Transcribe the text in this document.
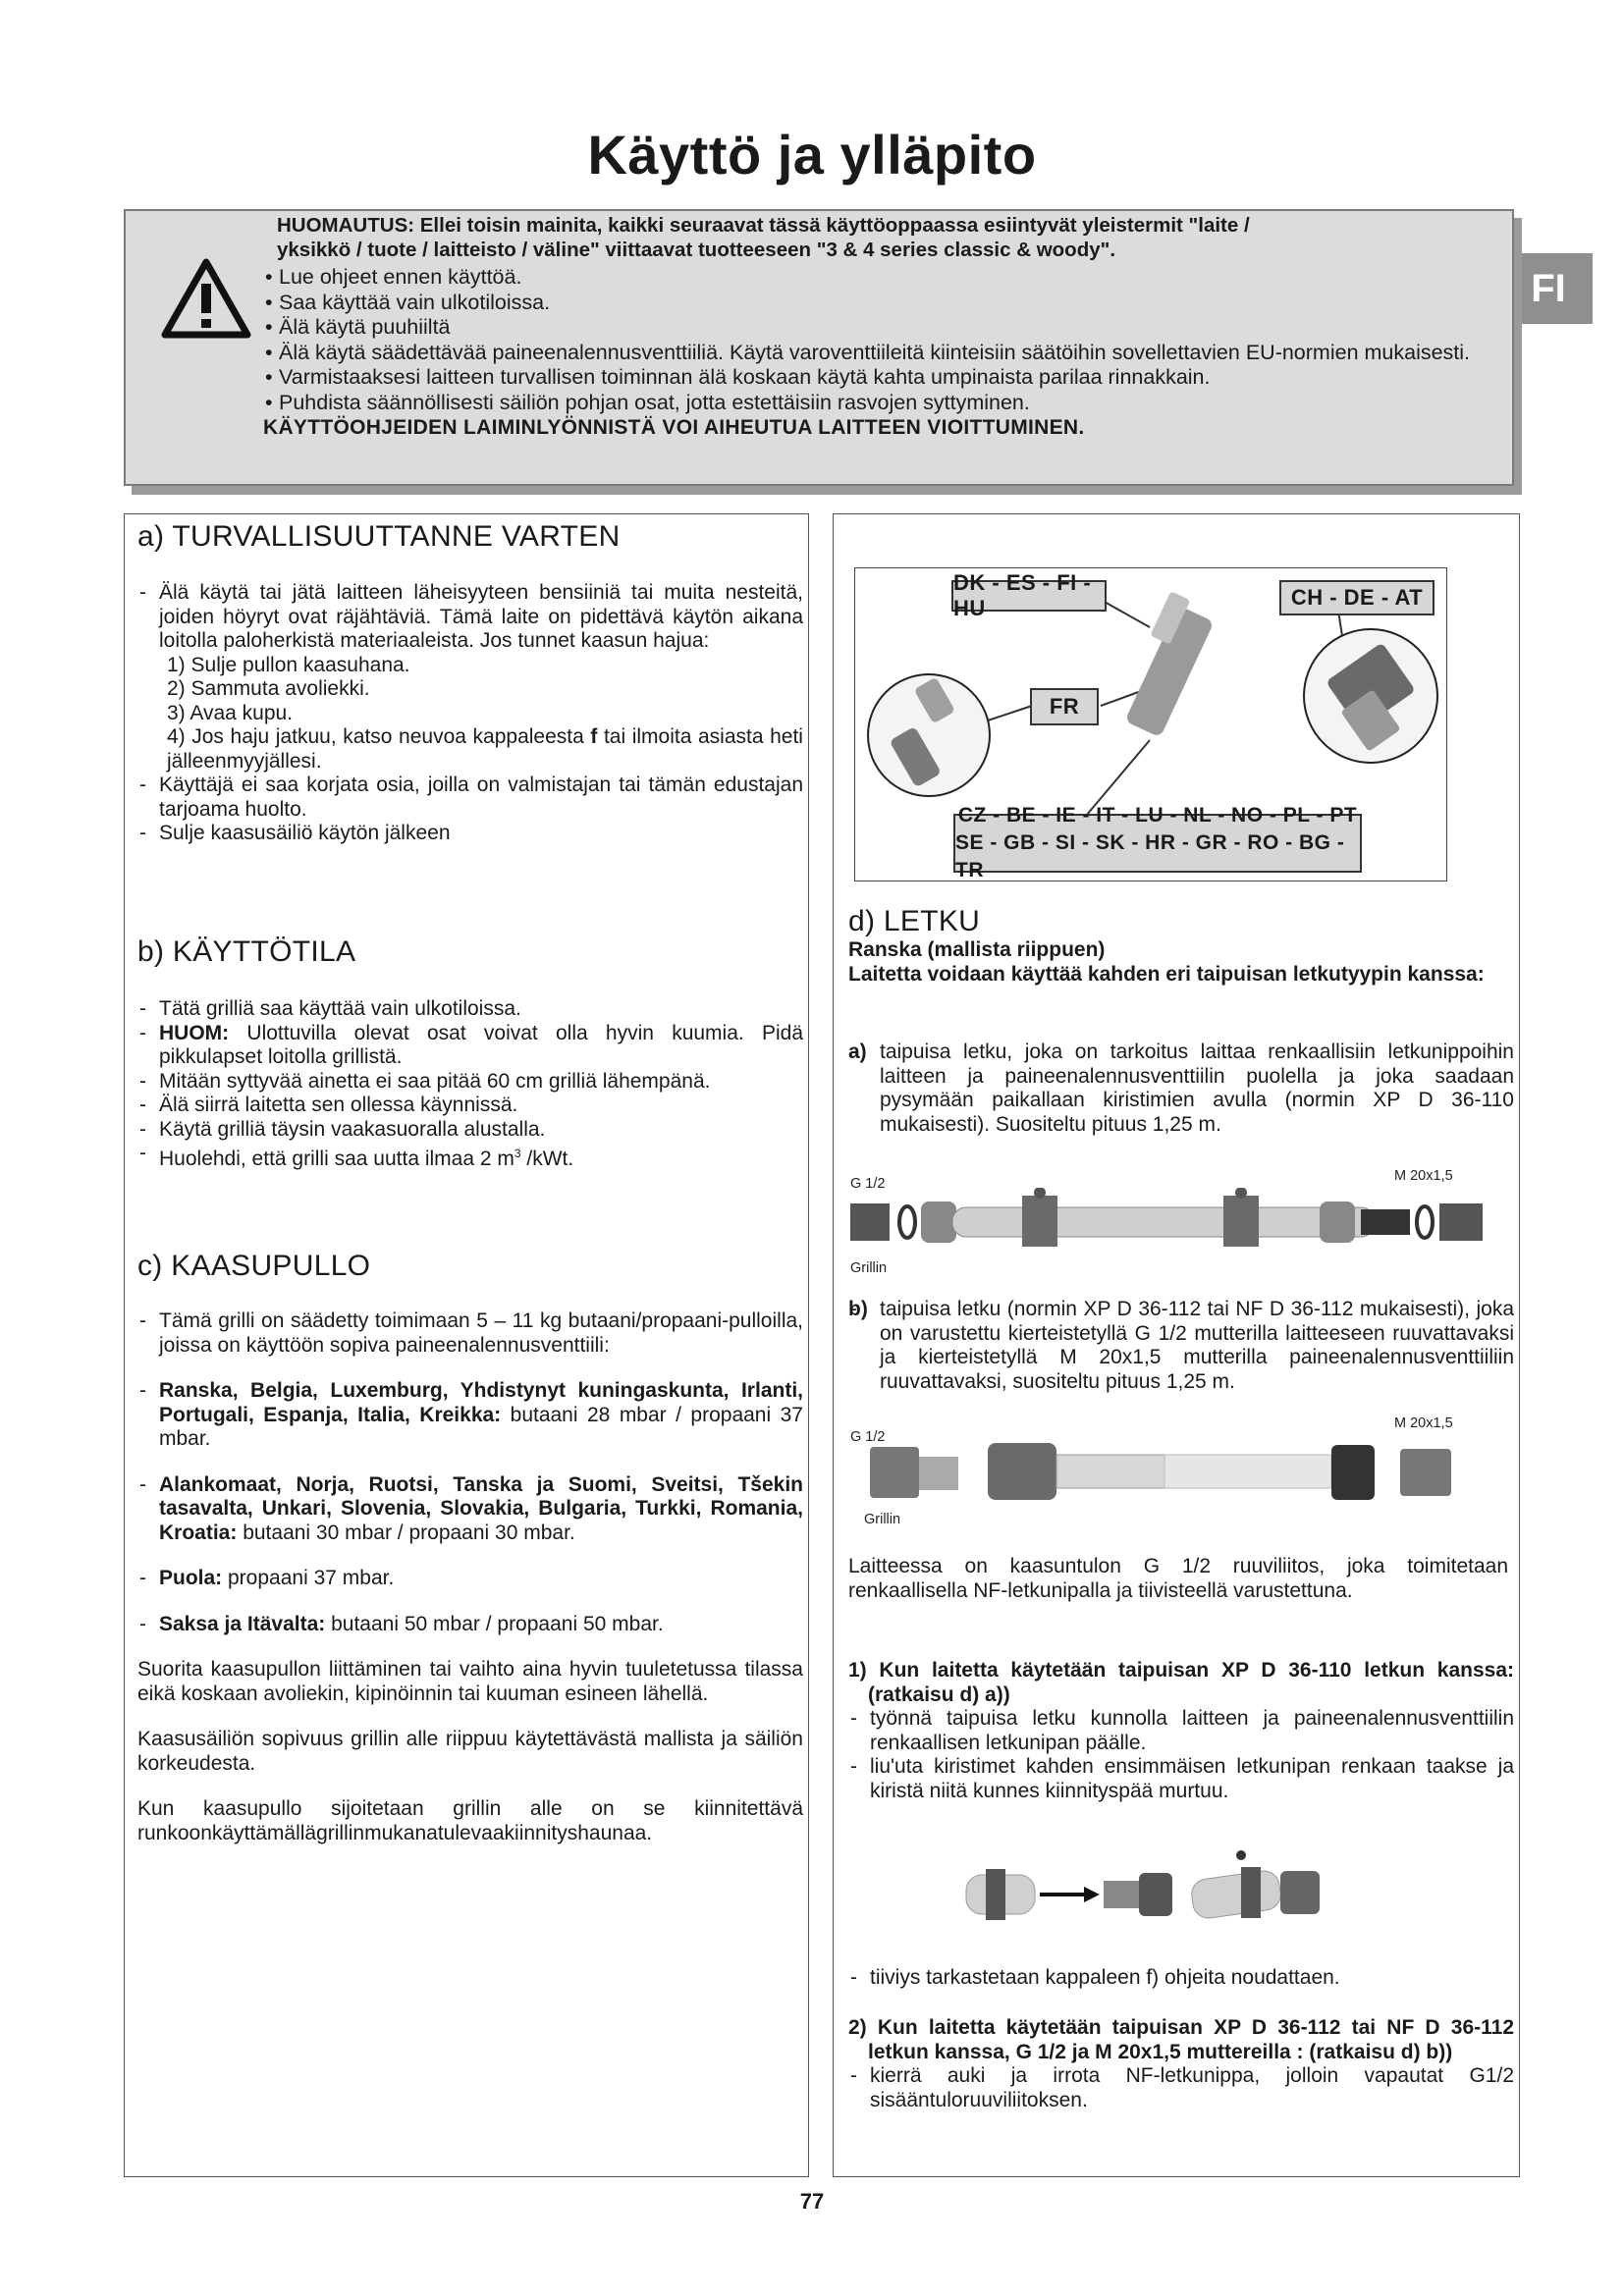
Käyttö ja ylläpito
FI
HUOMAUTUS: Ellei toisin mainita, kaikki seuraavat tässä käyttöoppaassa esiintyvät yleistermit "laite /
yksikkö / tuote / laitteisto / väline" viittaavat tuotteeseen "3 & 4 series classic & woody".
• Lue ohjeet ennen käyttöä.
• Saa käyttää vain ulkotiloissa.
• Älä käytä puuhiiltä
• Älä käytä säädettävää paineenalennusventtiiliä. Käytä varoventtiileitä kiinteisiin säätöihin sovellettavien EU-normien mukaisesti.
• Varmistaaksesi laitteen turvallisen toiminnan älä koskaan käytä kahta umpinaista parilaa rinnakkain.
• Puhdista säännöllisesti säiliön pohjan osat, jotta estettäisiin rasvojen syttyminen.
KÄYTTÖOHJEIDEN LAIMINLYÖNNISTÄ VOI AIHEUTUA LAITTEEN VIOITTUMINEN.
a) TURVALLISUUTTANNE VARTEN
- Älä käytä tai jätä laitteen läheisyyteen bensiiniä tai muita nesteitä, joiden höyryt ovat räjähtäviä. Tämä laite on pidettävä käytön aikana loitolla paloherkistä materiaaleista. Jos tunnet kaasun hajua:
1) Sulje pullon kaasuhana.
2) Sammuta avoliekki.
3) Avaa kupu.
4) Jos haju jatkuu, katso neuvoa kappaleesta f tai ilmoita asiasta heti jälleenmyyjällesi.
- Käyttäjä ei saa korjata osia, joilla on valmistajan tai tämän edustajan tarjoama huolto.
- Sulje kaasusäiliö käytön jälkeen
b) KÄYTTÖTILA
- Tätä grilliä saa käyttää vain ulkotiloissa.
- HUOM: Ulottuvilla olevat osat voivat olla hyvin kuumia. Pidä pikkulapset loitolla grillistä.
- Mitään syttyvää ainetta ei saa pitää 60 cm grilliä lähempänä.
- Älä siirrä laitetta sen ollessa käynnissä.
- Käytä grilliä täysin vaakasuoralla alustalla.
- Huolehdi, että grilli saa uutta ilmaa 2 $m^3$ /kWt.
c) KAASUPULLO
- Tämä grilli on säädetty toimimaan 5 – 11 kg butaani/propaani-pulloilla, joissa on käyttöön sopiva paineenalennusventtiili:
- Ranska, Belgia, Luxemburg, Yhdistynyt kuningaskunta, Irlanti, Portugali, Espanja, Italia, Kreikka: butaani 28 mbar / propaani 37 mbar.
- Alankomaat, Norja, Ruotsi, Tanska ja Suomi, Sveitsi, Tšekin tasavalta, Unkari, Slovenia, Slovakia, Bulgaria, Turkki, Romania, Kroatia: butaani 30 mbar / propaani 30 mbar.
- Puola: propaani 37 mbar.
- Saksa ja Itävalta: butaani 50 mbar / propaani 50 mbar.
Suorita kaasupullon liittäminen tai vaihto aina hyvin tuuletetussa tilassa eikä koskaan avoliekin, kipinöinnin tai kuuman esineen lähellä.
Kaasusäiliön sopivuus grillin alle riippuu käytettävästä mallista ja säiliön korkeudesta.
Kun kaasupullo sijoitetaan grillin alle on se kiinnitettävä runkoonkäyttämällägrillinmukanatulevaakiinnityshaunaa.
DK - ES - FI - HU	CH - DE - AT
FR
CZ - BE - IE - IT - LU - NL - NO - PL - PT
SE - GB - SI - SK - HR - GR - RO - BG -TR
d) LETKU
Ranska (mallista riippuen)
Laitetta voidaan käyttää kahden eri taipuisan letkutyypin kanssa:
- a) taipuisa letku, joka on tarkoitus laittaa renkaallisiin letkunippoihin laitteen ja paineenalennusventtiilin puolella ja joka saadaan pysymään paikallaan kiristimien avulla (normin XP D 36-110 mukaisesti). Suositeltu pituus 1,25 m.
G 1/2	M 20x1,5
Grillin
- b) taipuisa letku (normin XP D 36-112 tai NF D 36-112 mukaisesti), joka on varustettu kierteistetyllä G 1/2 mutterilla laitteeseen ruuvattavaksi ja kierteistetyllä M 20x1,5 mutterilla paineenalennusventtiiliin ruuvattavaksi, suositeltu pituus 1,25 m.
G 1/2
M 20x1,5
Grillin
Laitteessa on kaasuntulon G 1/2 ruuviliitos, joka toimitetaan renkaallisella NF-letkunipalla ja tiivisteellä varustettuna.
1) Kun laitetta käytetään taipuisan XP D 36-110 letkun kanssa: (ratkaisu d) a))
- työnnä taipuisa letku kunnolla laitteen ja paineenalennusventtiilin renkaallisen letkunipan päälle.
- liu'uta kiristimet kahden ensimmäisen letkunipan renkaan taakse ja kiristä niitä kunnes kiinnityspää murtuu.
- tiiviys tarkastetaan kappaleen f) ohjeita noudattaen.
2) Kun laitetta käytetään taipuisan XP D 36-112 tai NF D 36-112 letkun kanssa, G 1/2 ja M 20x1,5 muttereilla : (ratkaisu d) b))
- kierrä auki ja irrota NF-letkunippa, jolloin vapautat G1/2 sisääntuloruuviliitoksen.
77
